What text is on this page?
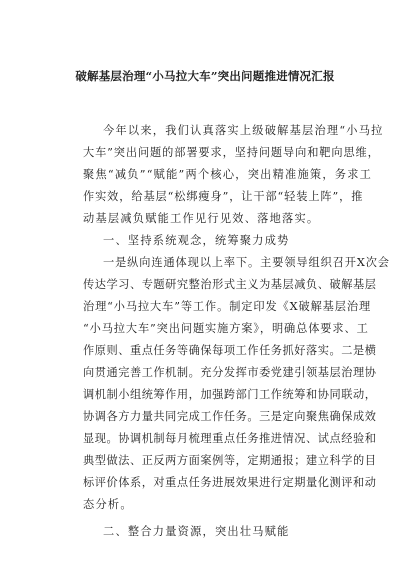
破解基层治理“小马拉大车”突出问题推进情况汇报
今年以来，我们认真落实上级破解基层治理“小马拉
大车”突出问题的部署要求，坚持问题导向和靶向思维，
聚焦“减负”“赋能”两个核心，突出精准施策，务求工
作实效，给基层“松绑瘦身”，让干部“轻装上阵”，推
动基层减负赋能工作见行见效、落地落实。
一、坚持系统观念，统筹聚力成势
一是纵向连通体现以上率下。主要领导组织召开X次会
传达学习、专题研究整治形式主义为基层减负、破解基层
治理“小马拉大车”等工作。制定印发《X破解基层治理
“小马拉大车”突出问题实施方案》，明确总体要求、工
作原则、重点任务等确保每项工作任务抓好落实。二是横
向贯通完善工作机制。充分发挥市委党建引领基层治理协
调机制小组统筹作用，加强跨部门工作统筹和协同联动，
协调各方力量共同完成工作任务。三是定向聚焦确保成效
显现。协调机制每月梳理重点任务推进情况、试点经验和
典型做法、正反两方面案例等，定期通报；建立科学的目
标评价体系，对重点任务进展效果进行定期量化测评和动
态分析。
二、整合力量资源，突出壮马赋能
